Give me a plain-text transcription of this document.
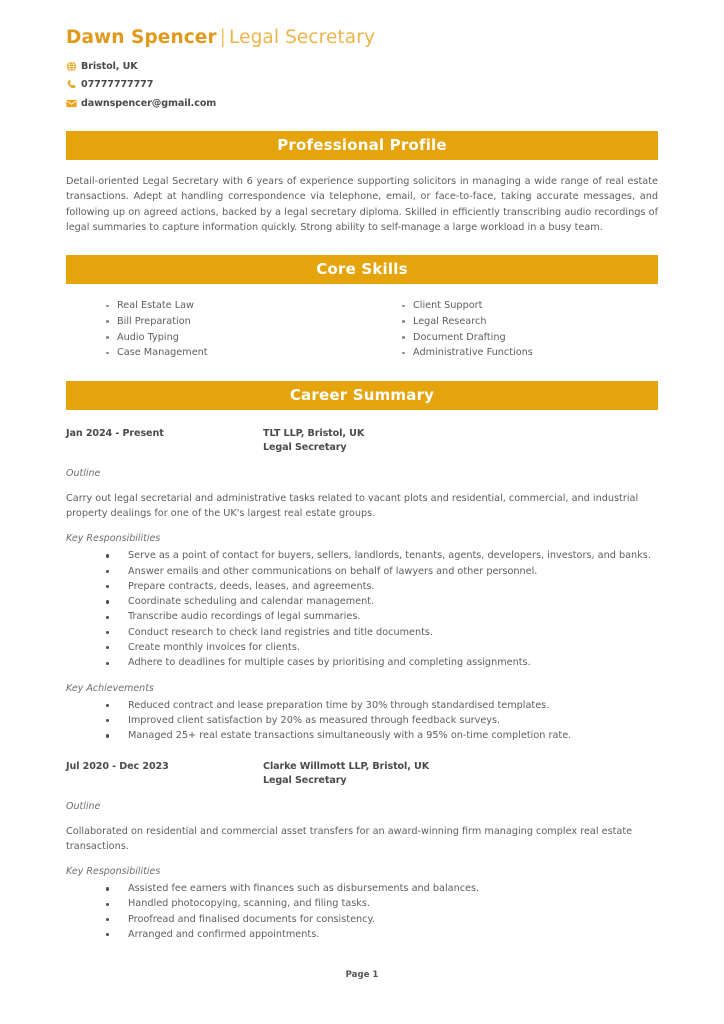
Dawn Spencer | Legal Secretary
Bristol, UK
07777777777
dawnspencer@gmail.com
Professional Profile

Detail-oriented Legal Secretary with 6 years of experience supporting solicitors in managing a wide range of real estate transactions. Adept at handling correspondence via telephone, email, or face-to-face, taking accurate messages, and following up on agreed actions, backed by a legal secretary diploma. Skilled in efficiently transcribing audio recordings of legal summaries to capture information quickly. Strong ability to self-manage a large workload in a busy team.

Core Skills
Real Estate Law
Bill Preparation
Audio Typing
Case Management
Client Support
Legal Research
Document Drafting
Administrative Functions
Career Summary
Jan 2024 - Present	TLT LLP, Bristol, UK
Legal Secretary
Outline

Carry out legal secretarial and administrative tasks related to vacant plots and residential, commercial, and industrial property dealings for one of the UK's largest real estate groups.

Key Responsibilities
Serve as a point of contact for buyers, sellers, landlords, tenants, agents, developers, investors, and banks.
Answer emails and other communications on behalf of lawyers and other personnel.
Prepare contracts, deeds, leases, and agreements.
Coordinate scheduling and calendar management.
Transcribe audio recordings of legal summaries.
Conduct research to check land registries and title documents.
Create monthly invoices for clients.
Adhere to deadlines for multiple cases by prioritising and completing assignments.
Key Achievements
Reduced contract and lease preparation time by 30% through standardised templates.
Improved client satisfaction by 20% as measured through feedback surveys.
Managed 25+ real estate transactions simultaneously with a 95% on-time completion rate.
Jul 2020 - Dec 2023	Clarke Willmott LLP, Bristol, UK
Legal Secretary
Outline

Collaborated on residential and commercial asset transfers for an award-winning firm managing complex real estate transactions.

Key Responsibilities
Assisted fee earners with finances such as disbursements and balances.
Handled photocopying, scanning, and filing tasks.
Proofread and finalised documents for consistency.
Arranged and confirmed appointments.
Page 1
